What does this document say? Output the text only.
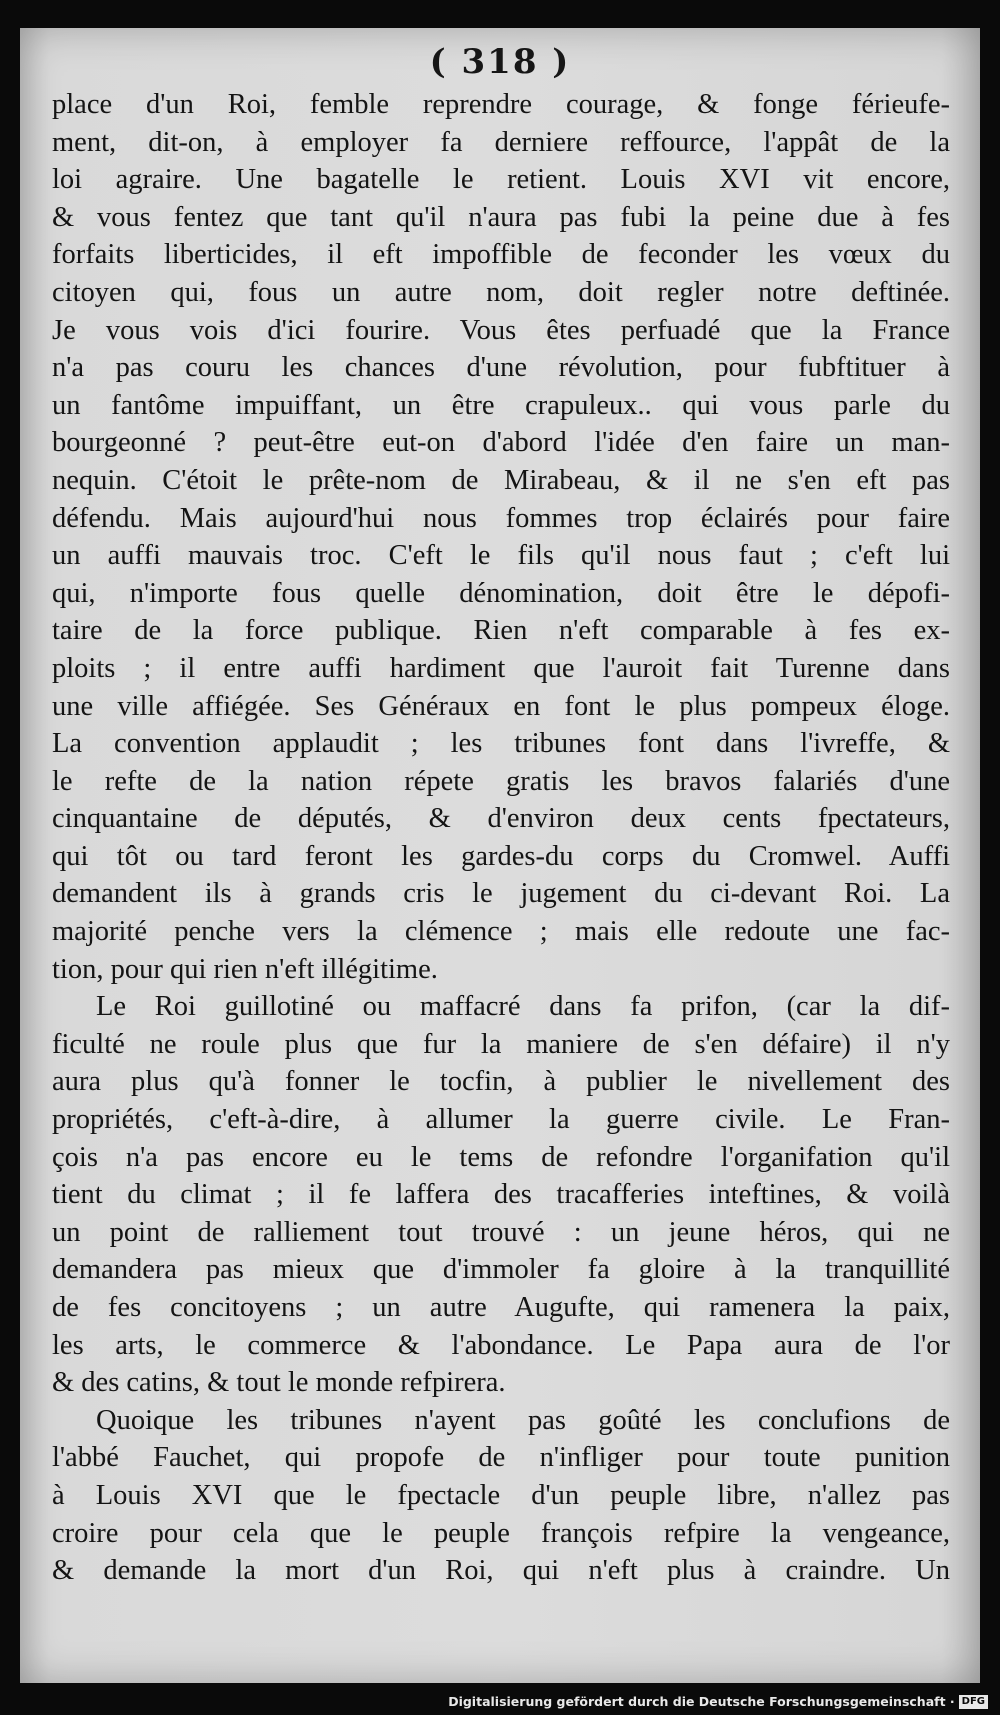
( 318 )
place d'un Roi, femble reprendre courage, & fonge férieufe-
ment, dit-on, à employer fa derniere reffource, l'appât de la
loi agraire. Une bagatelle le retient. Louis XVI vit encore,
& vous fentez que tant qu'il n'aura pas fubi la peine due à fes
forfaits liberticides, il eft impoffible de feconder les vœux du
citoyen qui, fous un autre nom, doit regler notre deftinée.
Je vous vois d'ici fourire. Vous êtes perfuadé que la France
n'a pas couru les chances d'une révolution, pour fubftituer à
un fantôme impuiffant, un être crapuleux.. qui vous parle du
bourgeonné ? peut-être eut-on d'abord l'idée d'en faire un man-
nequin. C'étoit le prête-nom de Mirabeau, & il ne s'en eft pas
défendu. Mais aujourd'hui nous fommes trop éclairés pour faire
un auffi mauvais troc. C'eft le fils qu'il nous faut ; c'eft lui
qui, n'importe fous quelle dénomination, doit être le dépofi-
taire de la force publique. Rien n'eft comparable à fes ex-
ploits ; il entre auffi hardiment que l'auroit fait Turenne dans
une ville affiégée. Ses Généraux en font le plus pompeux éloge.
La convention applaudit ; les tribunes font dans l'ivreffe, &
le refte de la nation répete gratis les bravos falariés d'une
cinquantaine de députés, & d'environ deux cents fpectateurs,
qui tôt ou tard feront les gardes-du corps du Cromwel. Auffi
demandent ils à grands cris le jugement du ci-devant Roi. La
majorité penche vers la clémence ; mais elle redoute une fac-
tion, pour qui rien n'eft illégitime.
Le Roi guillotiné ou maffacré dans fa prifon, (car la dif-
ficulté ne roule plus que fur la maniere de s'en défaire) il n'y
aura plus qu'à fonner le tocfin, à publier le nivellement des
propriétés, c'eft-à-dire, à allumer la guerre civile. Le Fran-
çois n'a pas encore eu le tems de refondre l'organifation qu'il
tient du climat ; il fe laffera des tracafferies inteftines, & voilà
un point de ralliement tout trouvé : un jeune héros, qui ne
demandera pas mieux que d'immoler fa gloire à la tranquillité
de fes concitoyens ; un autre Augufte, qui ramenera la paix,
les arts, le commerce & l'abondance. Le Papa aura de l'or
& des catins, & tout le monde refpirera.
Quoique les tribunes n'ayent pas goûté les conclufions de
l'abbé Fauchet, qui propofe de n'infliger pour toute punition
à Louis XVI que le fpectacle d'un peuple libre, n'allez pas
croire pour cela que le peuple françois refpire la vengeance,
& demande la mort d'un Roi, qui n'eft plus à craindre. Un
Digitalisierung gefördert durch die Deutsche Forschungsgemeinschaft · DFG
